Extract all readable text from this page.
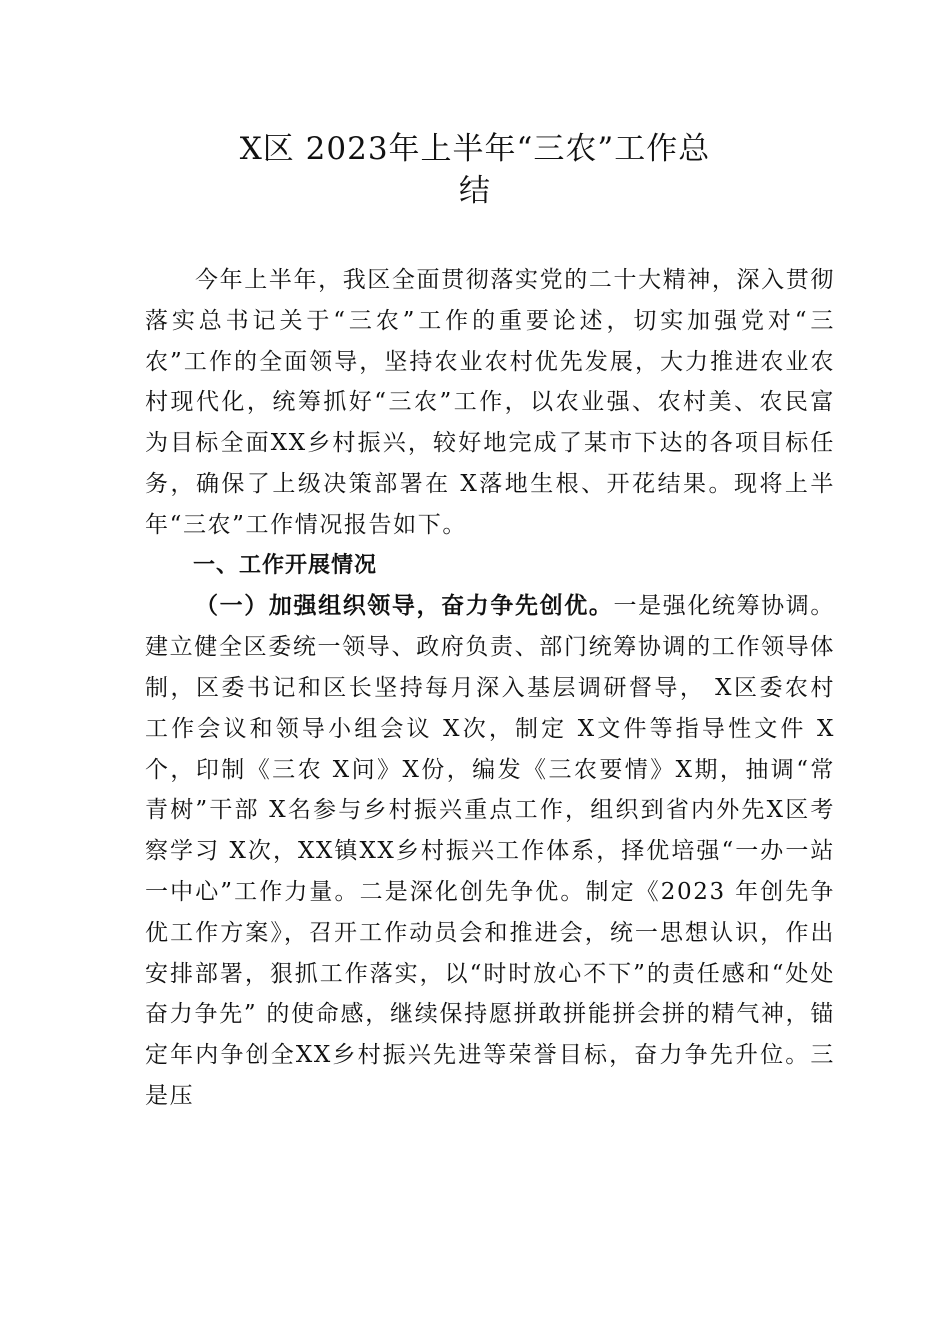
X区 2023年上半年“三农”工作总
结

今年上半年，我区全面贯彻落实党的二十大精神，深入贯彻落实总书记关于“三农”工作的重要论述，切实加强党对“三农”工作的全面领导，坚持农业农村优先发展，大力推进农业农村现代化，统筹抓好“三农”工作，以农业强、农村美、农民富为目标全面XX乡村振兴，较好地完成了某市下达的各项目标任务，确保了上级决策部署在 X落地生根、开花结果。现将上半年“三农”工作情况报告如下。

一、工作开展情况

（一）加强组织领导，奋力争先创优。一是强化统筹协调。建立健全区委统一领导、政府负责、部门统筹协调的工作领导体制，区委书记和区长坚持每月深入基层调研督导， X区委农村工作会议和领导小组会议 X次，制定 X文件等指导性文件 X个，印制《三农 X问》X份，编发《三农要情》X期，抽调“常青树”干部 X名参与乡村振兴重点工作，组织到省内外先X区考察学习 X次，XX镇XX乡村振兴工作体系，择优培强“一办一站一中心”工作力量。二是深化创先争优。制定《2023 年创先争优工作方案》，召开工作动员会和推进会，统一思想认识，作出安排部署，狠抓工作落实，以“时时放心不下”的责任感和“处处奋力争先” 的使命感，继续保持愿拼敢拼能拼会拼的精气神，锚定年内争创全XX乡村振兴先进等荣誉目标，奋力争先升位。三是压
